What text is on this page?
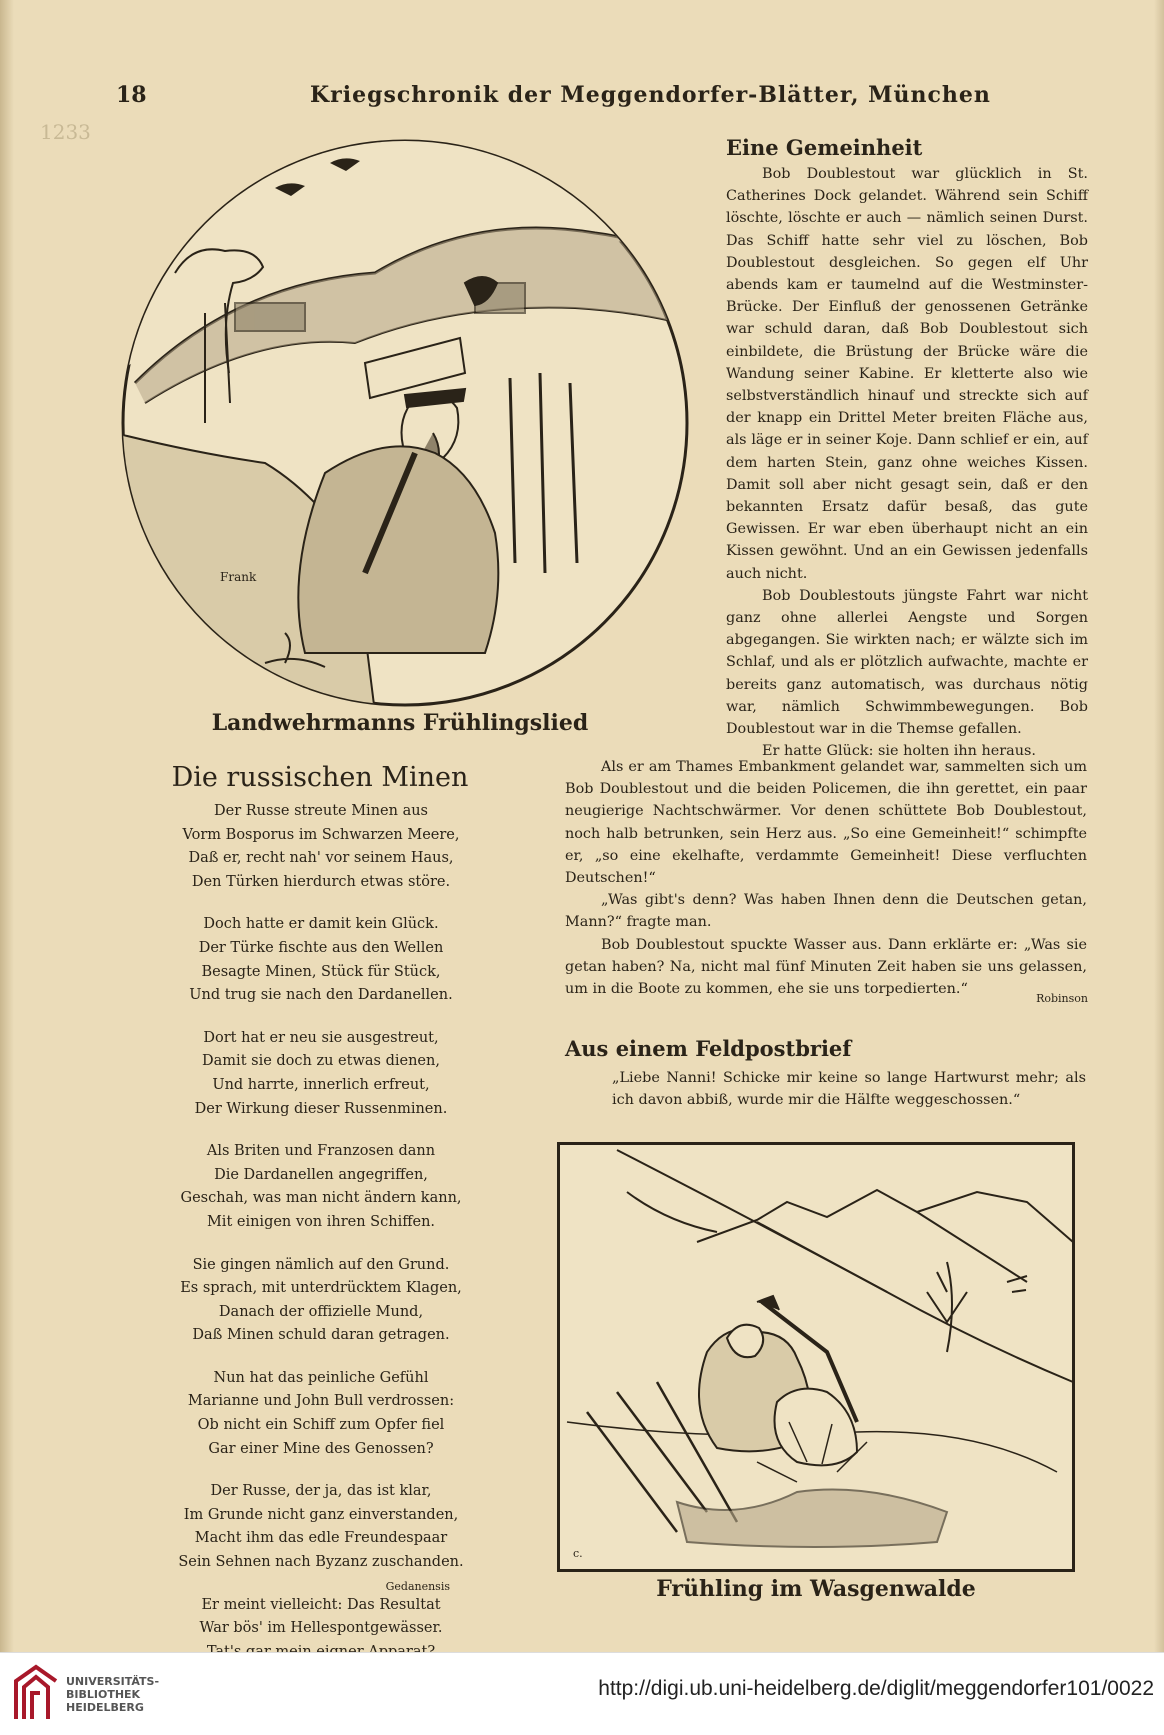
18	Kriegschronik der Meggendorfer-Blätter, München
1233
Frank
Landwehrmanns Frühlingslied
Die russischen Minen
Der Russe streute Minen aus
Vorm Bosporus im Schwarzen Meere,
Daß er, recht nah' vor seinem Haus,
Den Türken hierdurch etwas störe.
Doch hatte er damit kein Glück.
Der Türke fischte aus den Wellen
Besagte Minen, Stück für Stück,
Und trug sie nach den Dardanellen.
Dort hat er neu sie ausgestreut,
Damit sie doch zu etwas dienen,
Und harrte, innerlich erfreut,
Der Wirkung dieser Russenminen.
Als Briten und Franzosen dann
Die Dardanellen angegriffen,
Geschah, was man nicht ändern kann,
Mit einigen von ihren Schiffen.
Sie gingen nämlich auf den Grund.
Es sprach, mit unterdrücktem Klagen,
Danach der offizielle Mund,
Daß Minen schuld daran getragen.
Nun hat das peinliche Gefühl
Marianne und John Bull verdrossen:
Ob nicht ein Schiff zum Opfer fiel
Gar einer Mine des Genossen?
Der Russe, der ja, das ist klar,
Im Grunde nicht ganz einverstanden,
Macht ihm das edle Freundespaar
Sein Sehnen nach Byzanz zuschanden.
Er meint vielleicht: Das Resultat
War bös' im Hellespontgewässer.
Gedanensis
Eine Gemeinheit

Bob Doublestout war glücklich in St. Catherines Dock gelandet. Während sein Schiff löschte, löschte er auch — nämlich seinen Durst. Das Schiff hatte sehr viel zu löschen, Bob Doublestout desgleichen. So gegen elf Uhr abends kam er taumelnd auf die Westminster-Brücke. Der Einfluß der genossenen Getränke war schuld daran, daß Bob Doublestout sich einbildete, die Brüstung der Brücke wäre die Wandung seiner Kabine. Er kletterte also wie selbstverständlich hinauf und streckte sich auf der knapp ein Drittel Meter breiten Fläche aus, als läge er in seiner Koje. Dann schlief er ein, auf dem harten Stein, ganz ohne weiches Kissen. Damit soll aber nicht gesagt sein, daß er den bekannten Ersatz dafür besaß, das gute Gewissen. Er war eben überhaupt nicht an ein Kissen gewöhnt. Und an ein Gewissen jedenfalls auch nicht.

Bob Doublestouts jüngste Fahrt war nicht ganz ohne allerlei Aengste und Sorgen abgegangen. Sie wirkten nach; er wälzte sich im Schlaf, und als er plötzlich aufwachte, machte er bereits ganz automatisch, was durchaus nötig war, nämlich Schwimmbewegungen. Bob Doublestout war in die Themse gefallen.

Er hatte Glück: sie holten ihn heraus.

Als er am Thames Embankment gelandet war, sammelten sich um Bob Doublestout und die beiden Policemen, die ihn gerettet, ein paar neugierige Nachtschwärmer. Vor denen schüttete Bob Doublestout, noch halb betrunken, sein Herz aus. „So eine Gemeinheit!“ schimpfte er, „so eine ekelhafte, verdammte Gemeinheit! Diese verfluchten Deutschen!“

„Was gibt's denn? Was haben Ihnen denn die Deutschen getan, Mann?“ fragte man.

Bob Doublestout spuckte Wasser aus. Dann erklärte er: „Was sie getan haben? Na, nicht mal fünf Minuten Zeit haben sie uns gelassen, um in die Boote zu kommen, ehe sie uns torpedierten.“

Robinson
Aus einem Feldpostbrief

„Liebe Nanni! Schicke mir keine so lange Hartwurst mehr; als ich davon abbiß, wurde mir die Hälfte weggeschossen.“

c.
Frühling im Wasgenwalde
UNIVERSITÄTS-
BIBLIOTHEK
HEIDELBERG
http://digi.ub.uni-heidelberg.de/diglit/meggendorfer101/0022
